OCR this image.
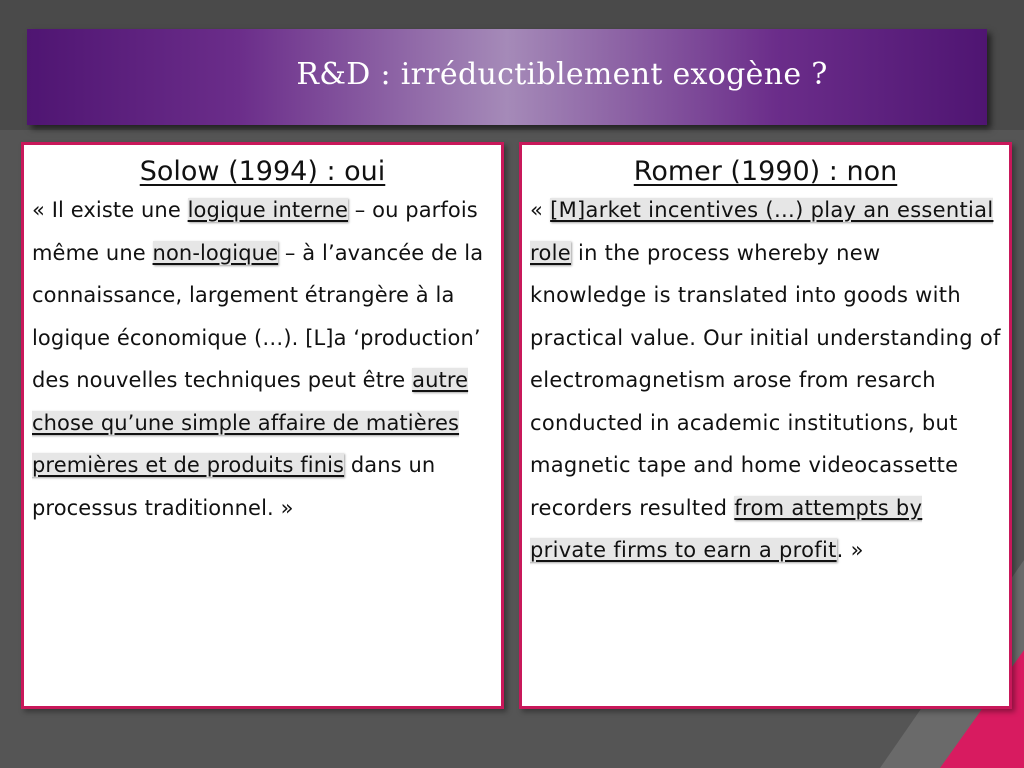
R&D : irréductiblement exogène ?
Solow (1994) : oui
« Il existe une logique interne – ou parfois même une non-logique – à l’avancée de la connaissance, largement étrangère à la logique économique (…). [L]a ‘production’ des nouvelles techniques peut être autre chose qu’une simple affaire de matières premières et de produits finis dans un processus traditionnel. »
Romer (1990) : non
« [M]arket incentives (…) play an essential role in the process whereby new knowledge is translated into goods with practical value. Our initial understanding of electromagnetism arose from resarch conducted in academic institutions, but magnetic tape and home videocassette recorders resulted from attempts by private firms to earn a profit. »
